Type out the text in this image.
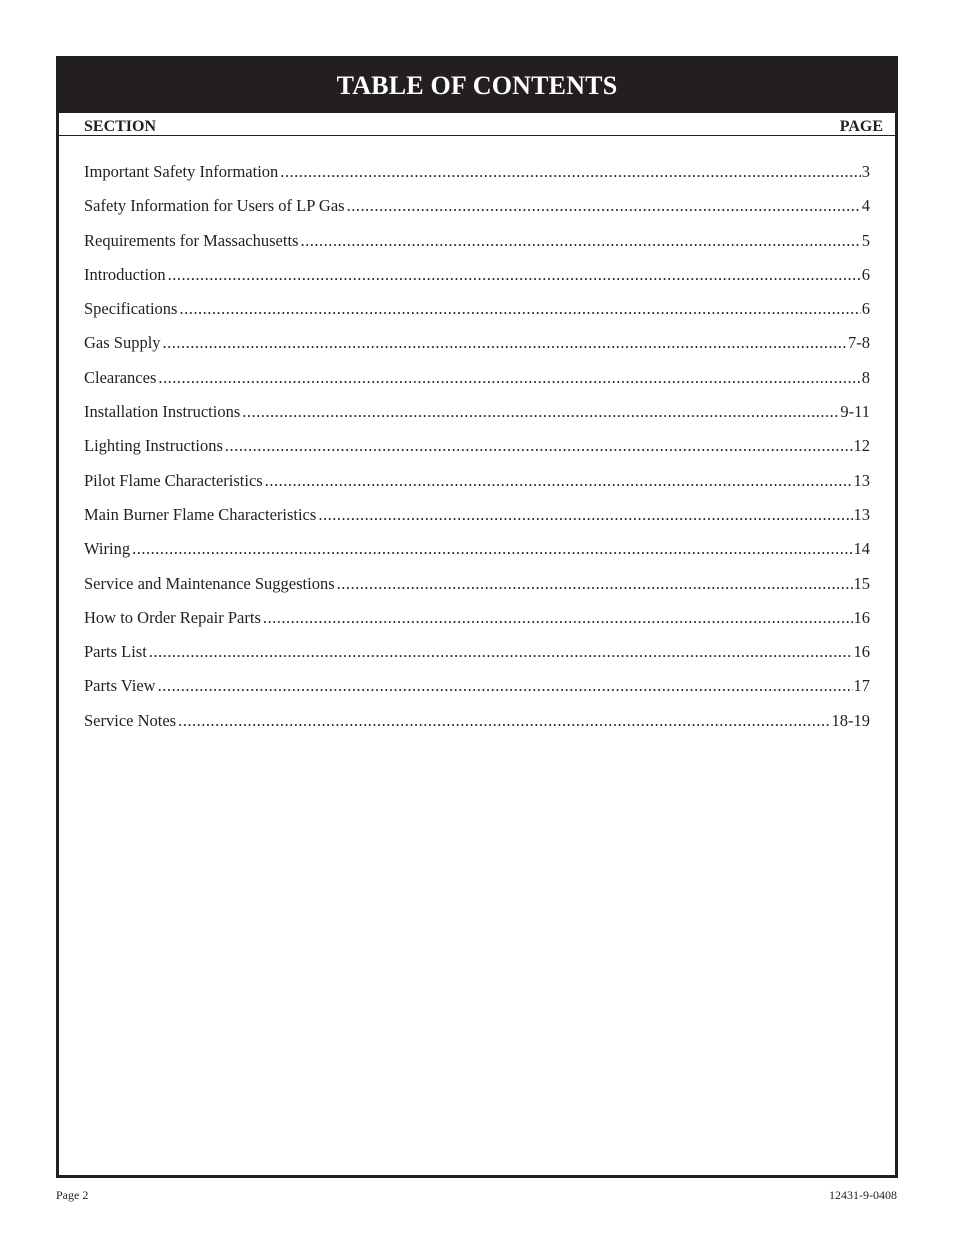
TABLE OF CONTENTS
SECTION	PAGE
Important Safety Information .....	3
Safety Information for Users of LP Gas .....	4
Requirements for Massachusetts .....	5
Introduction .....	6
Specifications .....	6
Gas Supply .....	7-8
Clearances .....	8
Installation Instructions .....	9-11
Lighting Instructions .....	12
Pilot Flame Characteristics .....	13
Main Burner Flame Characteristics .....	13
Wiring .....	14
Service and Maintenance Suggestions .....	15
How to Order Repair Parts .....	16
Parts List .....	16
Parts View .....	17
Service Notes .....	18-19
Page 2	12431-9-0408
